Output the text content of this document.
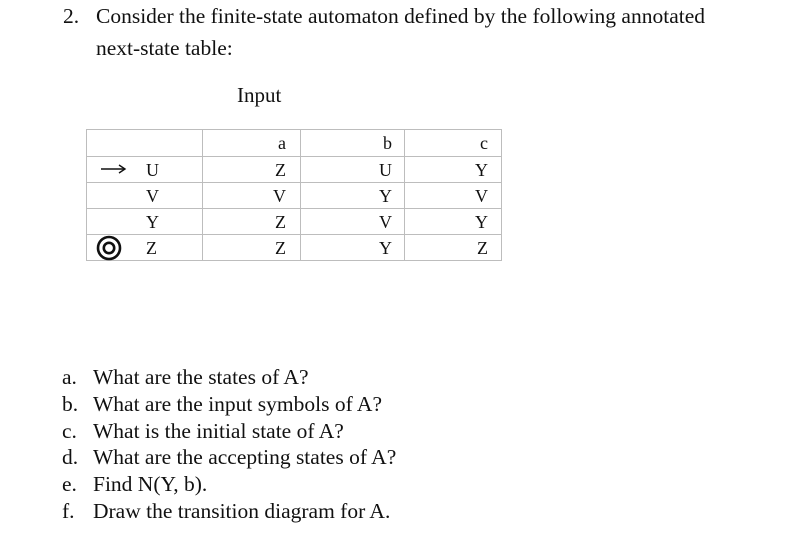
2. Consider the finite-state automaton defined by the following annotated
next-state table:
Input
		a	b	c

	U	Z	U	Y
	V	V	Y	V
	Y	Z	V	Y

	Z	Z	Y	Z
a. What are the states of A?
b. What are the input symbols of A?
c. What is the initial state of A?
d. What are the accepting states of A?
e. Find N(Y, b).
f. Draw the transition diagram for A.
